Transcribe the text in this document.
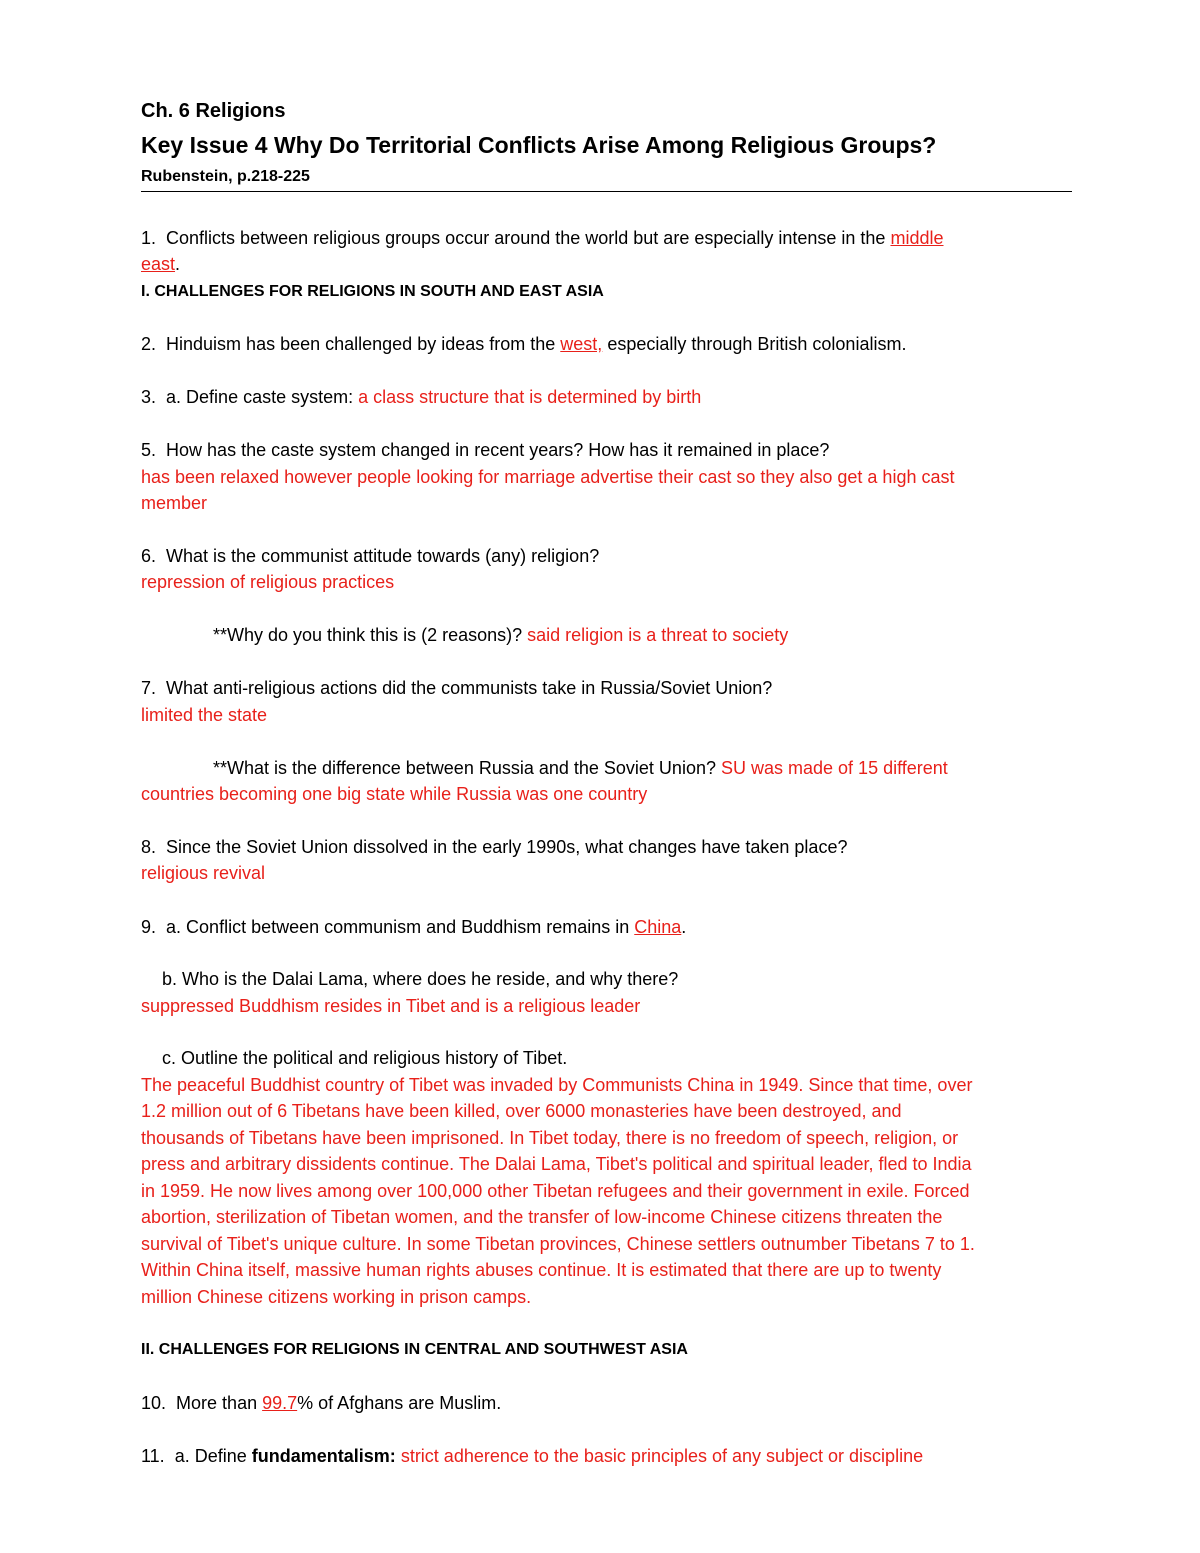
Ch. 6 Religions
Key Issue 4 Why Do Territorial Conflicts Arise Among Religious Groups?
Rubenstein, p.218-225
1. Conflicts between religious groups occur around the world but are especially intense in the middle
east.
I. CHALLENGES FOR RELIGIONS IN SOUTH AND EAST ASIA
2. Hinduism has been challenged by ideas from the west, especially through British colonialism.
3. a. Define caste system: a class structure that is determined by birth
5. How has the caste system changed in recent years? How has it remained in place?
has been relaxed however people looking for marriage advertise their cast so they also get a high cast
member
6. What is the communist attitude towards (any) religion?
repression of religious practices
**Why do you think this is (2 reasons)? said religion is a threat to society
7. What anti-religious actions did the communists take in Russia/Soviet Union?
limited the state
**What is the difference between Russia and the Soviet Union? SU was made of 15 different
countries becoming one big state while Russia was one country
8. Since the Soviet Union dissolved in the early 1990s, what changes have taken place?
religious revival
9. a. Conflict between communism and Buddhism remains in China.
b. Who is the Dalai Lama, where does he reside, and why there?
suppressed Buddhism resides in Tibet and is a religious leader
c. Outline the political and religious history of Tibet.
The peaceful Buddhist country of Tibet was invaded by Communists China in 1949. Since that time, over
1.2 million out of 6 Tibetans have been killed, over 6000 monasteries have been destroyed, and
thousands of Tibetans have been imprisoned. In Tibet today, there is no freedom of speech, religion, or
press and arbitrary dissidents continue. The Dalai Lama, Tibet's political and spiritual leader, fled to India
in 1959. He now lives among over 100,000 other Tibetan refugees and their government in exile. Forced
abortion, sterilization of Tibetan women, and the transfer of low-income Chinese citizens threaten the
survival of Tibet's unique culture. In some Tibetan provinces, Chinese settlers outnumber Tibetans 7 to 1.
Within China itself, massive human rights abuses continue. It is estimated that there are up to twenty
million Chinese citizens working in prison camps.
II. CHALLENGES FOR RELIGIONS IN CENTRAL AND SOUTHWEST ASIA
10. More than 99.7% of Afghans are Muslim.
11. a. Define fundamentalism: strict adherence to the basic principles of any subject or discipline
